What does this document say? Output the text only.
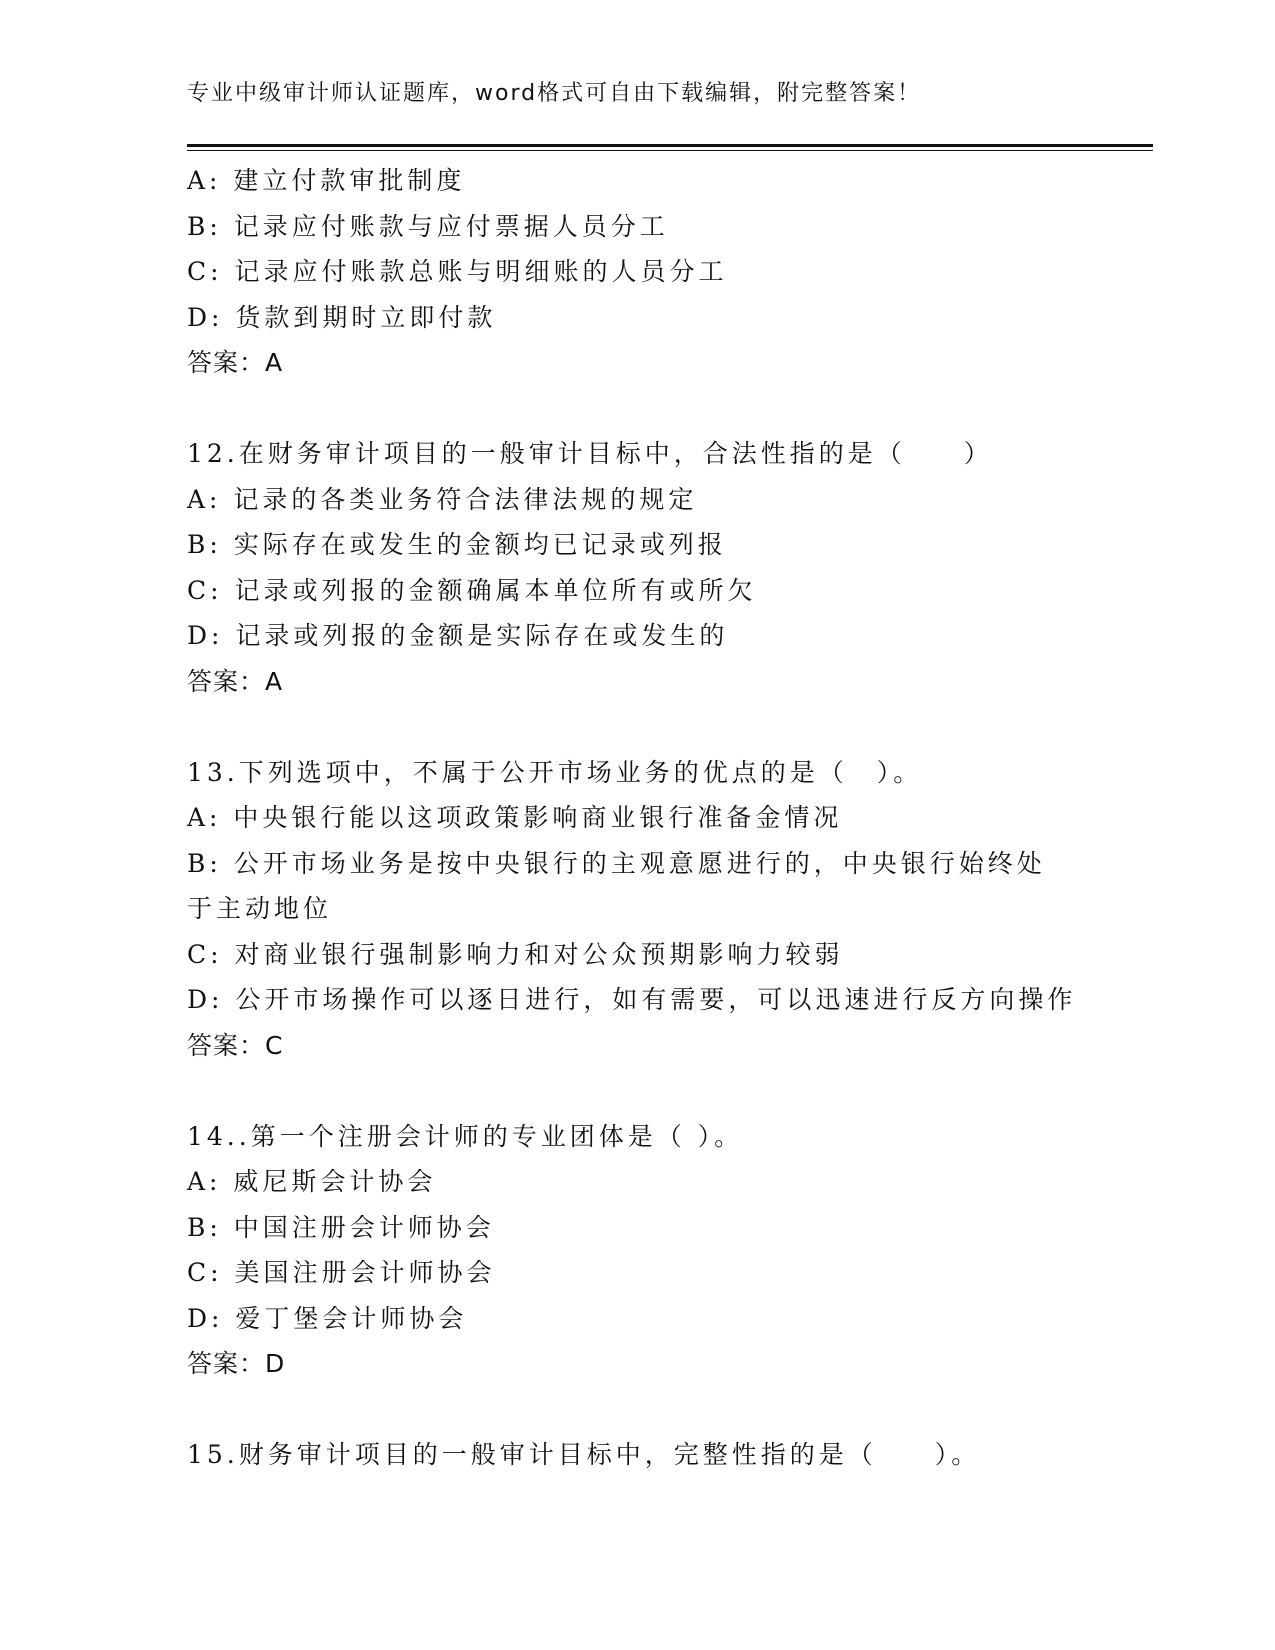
专业中级审计师认证题库，word格式可自由下载编辑，附完整答案！
A: 建立付款审批制度
B: 记录应付账款与应付票据人员分工
C: 记录应付账款总账与明细账的人员分工
D: 货款到期时立即付款
答案：A
12.在财务审计项目的一般审计目标中，合法性指的是（　　）
A: 记录的各类业务符合法律法规的规定
B: 实际存在或发生的金额均已记录或列报
C: 记录或列报的金额确属本单位所有或所欠
D: 记录或列报的金额是实际存在或发生的
答案：A
13.下列选项中，不属于公开市场业务的优点的是（　）。
A: 中央银行能以这项政策影响商业银行准备金情况
B: 公开市场业务是按中央银行的主观意愿进行的，中央银行始终处于主动地位
C: 对商业银行强制影响力和对公众预期影响力较弱
D: 公开市场操作可以逐日进行，如有需要，可以迅速进行反方向操作
答案：C
14..第一个注册会计师的专业团体是（ ）。
A: 威尼斯会计协会
B: 中国注册会计师协会
C: 美国注册会计师协会
D: 爱丁堡会计师协会
答案：D
15.财务审计项目的一般审计目标中，完整性指的是（　　）。
